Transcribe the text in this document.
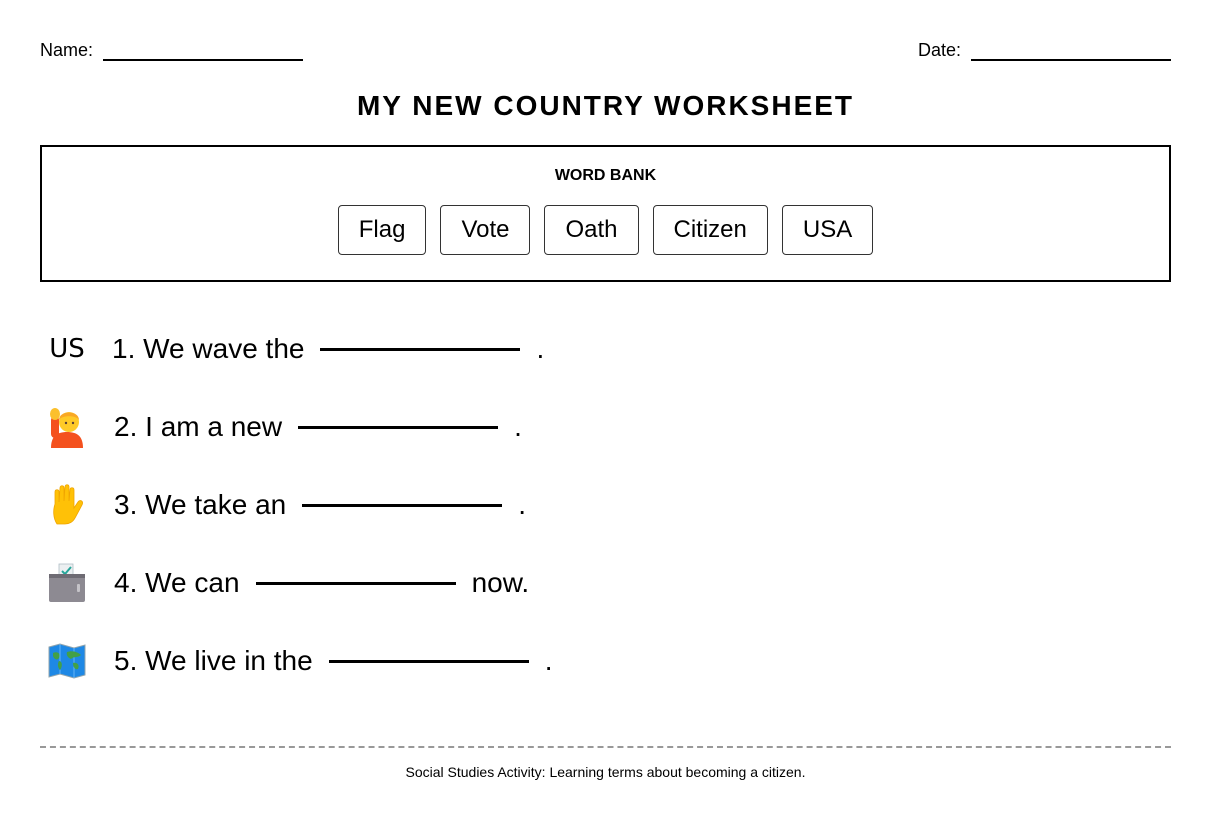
Name:	Date:
MY NEW COUNTRY WORKSHEET
WORD BANK
Flag	Vote	Oath	Citizen	USA
US 1. We wave the	.
2. I am a new	.
3. We take an	.
4. We can	now.
5. We live in the	.
Social Studies Activity: Learning terms about becoming a citizen.
